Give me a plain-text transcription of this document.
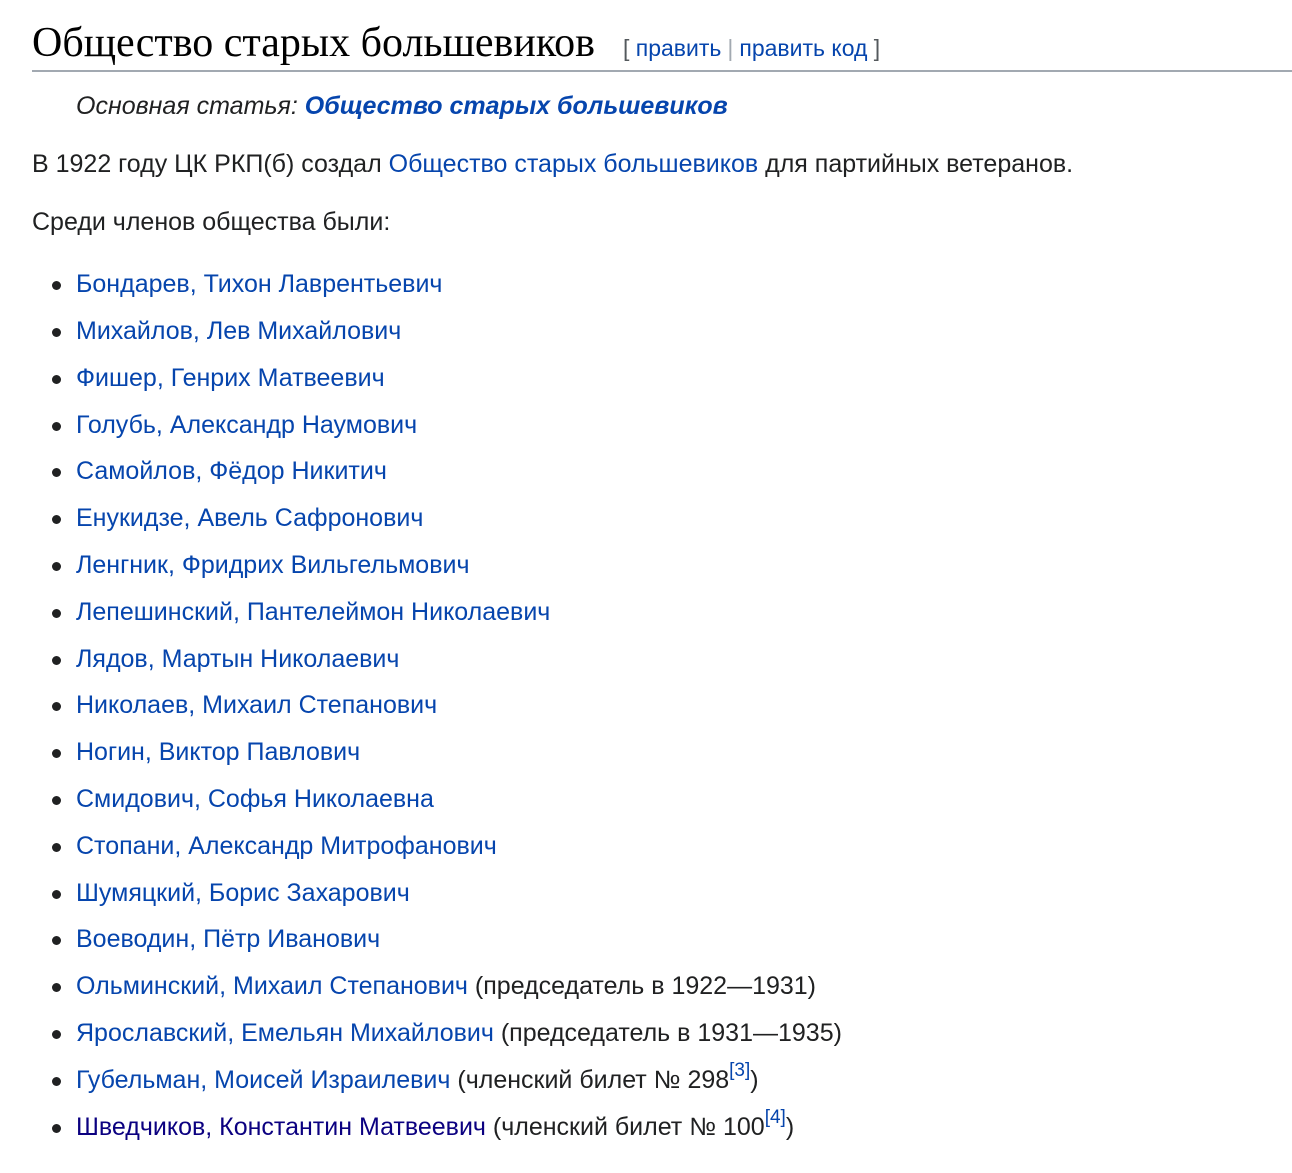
Общество старых большевиков [ править | править код ]
Основная статья: Общество старых большевиков

В 1922 году ЦК РКП(б) создал Общество старых большевиков для партийных ветеранов.

Среди членов общества были:

Бондарев, Тихон Лаврентьевич
Михайлов, Лев Михайлович
Фишер, Генрих Матвеевич
Голубь, Александр Наумович
Самойлов, Фёдор Никитич
Енукидзе, Авель Сафронович
Ленгник, Фридрих Вильгельмович
Лепешинский, Пантелеймон Николаевич
Лядов, Мартын Николаевич
Николаев, Михаил Степанович
Ногин, Виктор Павлович
Смидович, Софья Николаевна
Стопани, Александр Митрофанович
Шумяцкий, Борис Захарович
Воеводин, Пётр Иванович
Ольминский, Михаил Степанович (председатель в 1922—1931)
Ярославский, Емельян Михайлович (председатель в 1931—1935)
Губельман, Моисей Израилевич (членский билет № 298[3])
Шведчиков, Константин Матвеевич (членский билет № 100[4])
